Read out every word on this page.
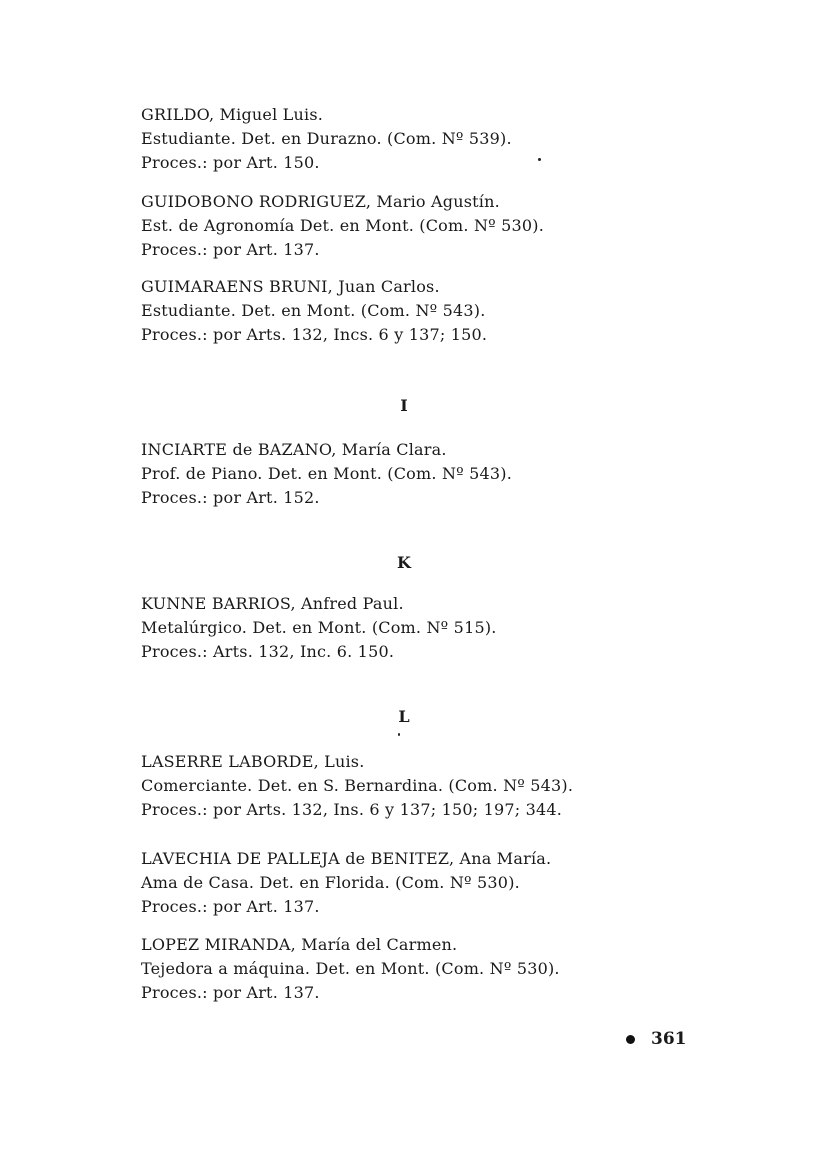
GRILDO, Miguel Luis.
Estudiante. Det. en Durazno. (Com. Nº 539).
Proces.: por Art. 150.
GUIDOBONO RODRIGUEZ, Mario Agustín.
Est. de Agronomía Det. en Mont. (Com. Nº 530).
Proces.: por Art. 137.
GUIMARAENS BRUNI, Juan Carlos.
Estudiante. Det. en Mont. (Com. Nº 543).
Proces.: por Arts. 132, Incs. 6 y 137; 150.
I
INCIARTE de BAZANO, María Clara.
Prof. de Piano. Det. en Mont. (Com. Nº 543).
Proces.: por Art. 152.
K
KUNNE BARRIOS, Anfred Paul.
Metalúrgico. Det. en Mont. (Com. Nº 515).
Proces.: Arts. 132, Inc. 6. 150.
L
LASERRE LABORDE, Luis.
Comerciante. Det. en S. Bernardina. (Com. Nº 543).
Proces.: por Arts. 132, Ins. 6 y 137; 150; 197; 344.
LAVECHIA DE PALLEJA de BENITEZ, Ana María.
Ama de Casa. Det. en Florida. (Com. Nº 530).
Proces.: por Art. 137.
LOPEZ MIRANDA, María del Carmen.
Tejedora a máquina. Det. en Mont. (Com. Nº 530).
Proces.: por Art. 137.
361
